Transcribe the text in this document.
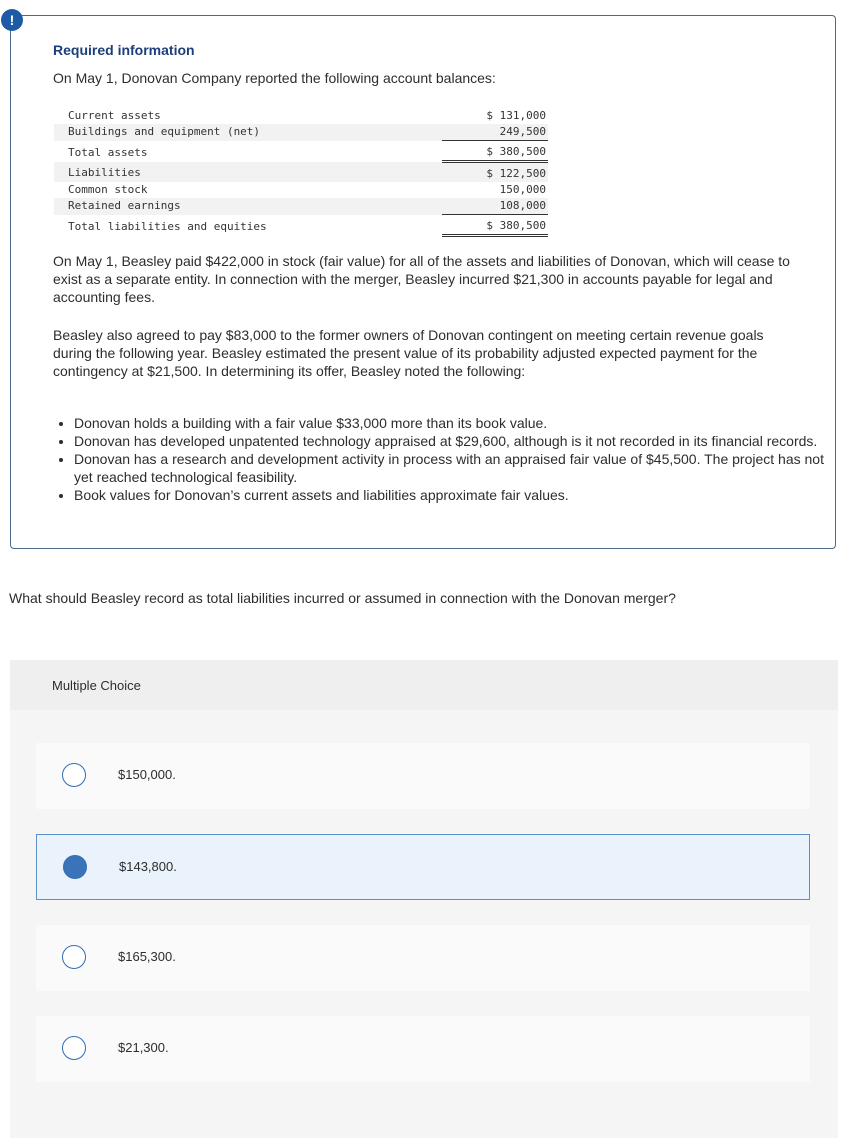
!
Required information

On May 1, Donovan Company reported the following account balances:

Current assets	$ 131,000
Buildings and equipment (net)	249,500
Total assets	$ 380,500
Liabilities	$ 122,500
Common stock	150,000
Retained earnings	108,000
Total liabilities and equities	$ 380,500

On May 1, Beasley paid $422,000 in stock (fair value) for all of the assets and liabilities of Donovan, which will cease to exist as a separate entity. In connection with the merger, Beasley incurred $21,300 in accounts payable for legal and accounting fees.

Beasley also agreed to pay $83,000 to the former owners of Donovan contingent on meeting certain revenue goals during the following year. Beasley estimated the present value of its probability adjusted expected payment for the contingency at $21,500. In determining its offer, Beasley noted the following:

• Donovan holds a building with a fair value $33,000 more than its book value.
• Donovan has developed unpatented technology appraised at $29,600, although is it not recorded in its financial records.
• Donovan has a research and development activity in process with an appraised fair value of $45,500. The project has not yet reached technological feasibility.
• Book values for Donovan’s current assets and liabilities approximate fair values.

What should Beasley record as total liabilities incurred or assumed in connection with the Donovan merger?

Multiple Choice
$150,000.
$143,800.
$165,300.
$21,300.
